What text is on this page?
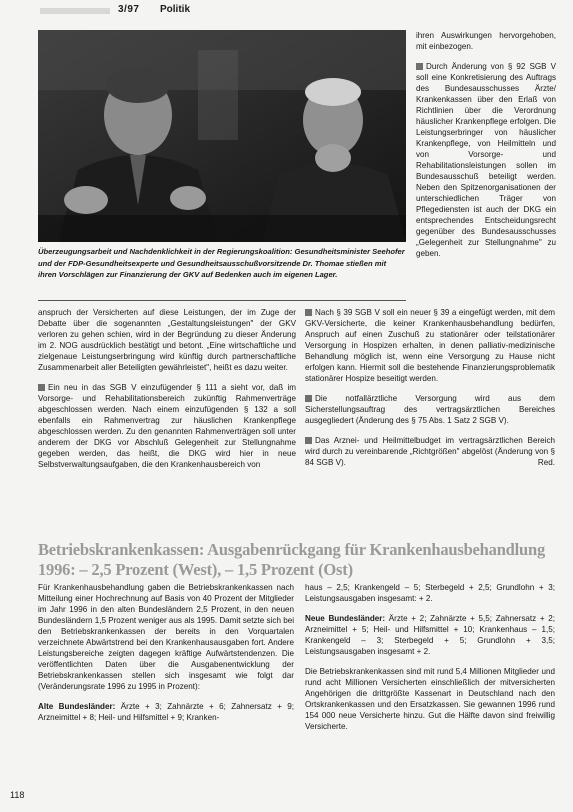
3/97 Politik
Überzeugungsarbeit und Nachdenklichkeit in der Regierungskoalition: Gesundheitsminister Seehofer und der FDP-Gesundheitsexperte und Gesundheitsausschußvorsitzende Dr. Thomae stießen mit ihren Vorschlägen zur Finanzierung der GKV auf Bedenken auch im eigenen Lager.

ihren Auswirkungen hervorgehoben, mit einbezogen.

Durch Änderung von § 92 SGB V soll eine Konkretisierung des Auftrags des Bundesausschusses Ärzte/ Krankenkassen über den Erlaß von Richtlinien über die Verordnung häuslicher Krankenpflege erfolgen. Die Leistungserbringer von häuslicher Krankenpflege, von Heilmitteln und von Vorsorge- und Rehabilitationsleistungen sollen im Bundesausschuß beteiligt werden. Neben den Spitzenorganisationen der unterschiedlichen Träger von Pflegediensten ist auch der DKG ein entsprechendes Entscheidungsrecht gegenüber des Bundesausschusses „Gelegenheit zur Stellungnahme" zu geben.

anspruch der Versicherten auf diese Leistungen, der im Zuge der Debatte über die sogenannten „Gestaltungsleistungen" der GKV verloren zu gehen schien, wird in der Begründung zu dieser Änderung im 2. NOG ausdrücklich bestätigt und betont. „Eine wirtschaftliche und zielgenaue Leistungserbringung wird künftig durch partnerschaftliche Zusammenarbeit aller Beteiligten gewährleistet", heißt es dazu weiter.

Ein neu in das SGB V einzufügender § 111 a sieht vor, daß im Vorsorge- und Rehabilitationsbereich zukünftig Rahmenverträge abgeschlossen werden. Nach einem einzufügenden § 132 a soll ebenfalls ein Rahmenvertrag zur häuslichen Krankenpflege abgeschlossen werden. Zu den genannten Rahmenverträgen soll unter anderem der DKG vor Abschluß Gelegenheit zur Stellungnahme gegeben werden, das heißt, die DKG wird hier in neue Selbstverwaltungsaufgaben, die den Krankenhausbereich von

Nach § 39 SGB V soll ein neuer § 39 a eingefügt werden, mit dem GKV-Versicherte, die keiner Krankenhausbehandlung bedürfen, Anspruch auf einen Zuschuß zu stationärer oder teilstationärer Versorgung in Hospizen erhalten, in denen palliativ-medizinische Behandlung möglich ist, wenn eine Versorgung zu Hause nicht erfolgen kann. Hiermit soll die bestehende Finanzierungsproblematik stationärer Hospize beseitigt werden.

Die notfallärztliche Versorgung wird aus dem Sicherstellungsauftrag des vertragsärztlichen Bereiches ausgegliedert (Änderung des § 75 Abs. 1 Satz 2 SGB V).

Das Arznei- und Heilmittelbudget im vertragsärztlichen Bereich wird durch zu vereinbarende „Richtgrößen" abgelöst (Änderung von § 84 SGB V).	Red.

Betriebskrankenkassen: Ausgabenrückgang für Krankenhausbehandlung 1996: – 2,5 Prozent (West), – 1,5 Prozent (Ost)

Für Krankenhausbehandlung gaben die Betriebskrankenkassen nach Mitteilung einer Hochrechnung auf Basis von 40 Prozent der Mitglieder im Jahr 1996 in den alten Bundesländern 2,5 Prozent, in den neuen Bundesländern 1,5 Prozent weniger aus als 1995. Damit setzte sich bei den Betriebskrankenkassen der bereits in den Vorquartalen verzeichnete Abwärtstrend bei den Krankenhausausgaben fort. Andere Leistungsbereiche zeigten dagegen kräftige Aufwärtstendenzen. Die veröffentlichten Daten über die Ausgabenentwicklung der Betriebskrankenkassen stellen sich insgesamt wie folgt dar (Veränderungsrate 1996 zu 1995 in Prozent):

Alte Bundesländer: Ärzte + 3; Zahnärzte + 6; Zahnersatz + 9; Arzneimittel + 8; Heil- und Hilfsmittel + 9; Kranken-

haus – 2,5; Krankengeld – 5; Sterbegeld + 2,5; Grundlohn + 3; Leistungsausgaben insgesamt: + 2.

Neue Bundesländer: Ärzte + 2; Zahnärzte + 5,5; Zahnersatz + 2; Arzneimittel + 5; Heil- und Hilfsmittel + 10; Krankenhaus – 1,5; Krankengeld – 3; Sterbegeld + 5; Grundlohn + 3,5; Leistungsausgaben insgesamt + 2.

Die Betriebskrankenkassen sind mit rund 5,4 Millionen Mitglieder und rund acht Millionen Versicherten einschließlich der mitversicherten Angehörigen die drittgrößte Kassenart in Deutschland nach den Ortskrankenkassen und den Ersatzkassen. Sie gewannen 1996 rund 154 000 neue Versicherte hinzu. Gut die Hälfte davon sind freiwillig Versicherte.

118
